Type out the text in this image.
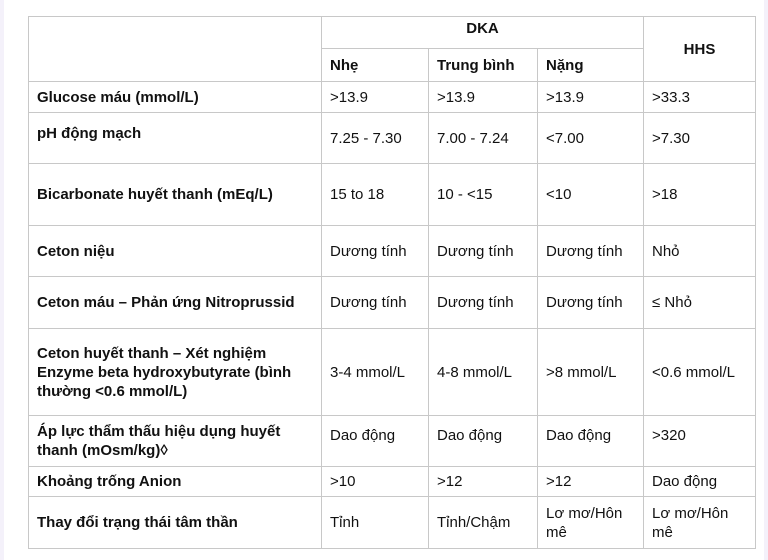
	DKA			HHS
	Nhẹ	Trung bình	Nặng	
Glucose máu (mmol/L)	>13.9	>13.9	>13.9	>33.3
pH động mạch	7.25 - 7.30	7.00 - 7.24	<7.00	>7.30
Bicarbonate huyết thanh (mEq/L)	15 to 18	10 - <15	<10	>18
Ceton niệu	Dương tính	Dương tính	Dương tính	Nhỏ
Ceton máu – Phản ứng Nitroprussid	Dương tính	Dương tính	Dương tính	≤ Nhỏ
Ceton huyết thanh – Xét nghiệm Enzyme beta hydroxybutyrate (bình thường <0.6 mmol/L)	3-4 mmol/L	4-8 mmol/L	>8 mmol/L	<0.6 mmol/L
Áp lực thẩm thấu hiệu dụng huyết thanh (mOsm/kg)◊	Dao động	Dao động	Dao động	>320
Khoảng trống Anion	>10	>12	>12	Dao động
Thay đổi trạng thái tâm thần	Tỉnh	Tỉnh/Chậm	Lơ mơ/Hôn mê	Lơ mơ/Hôn mê
